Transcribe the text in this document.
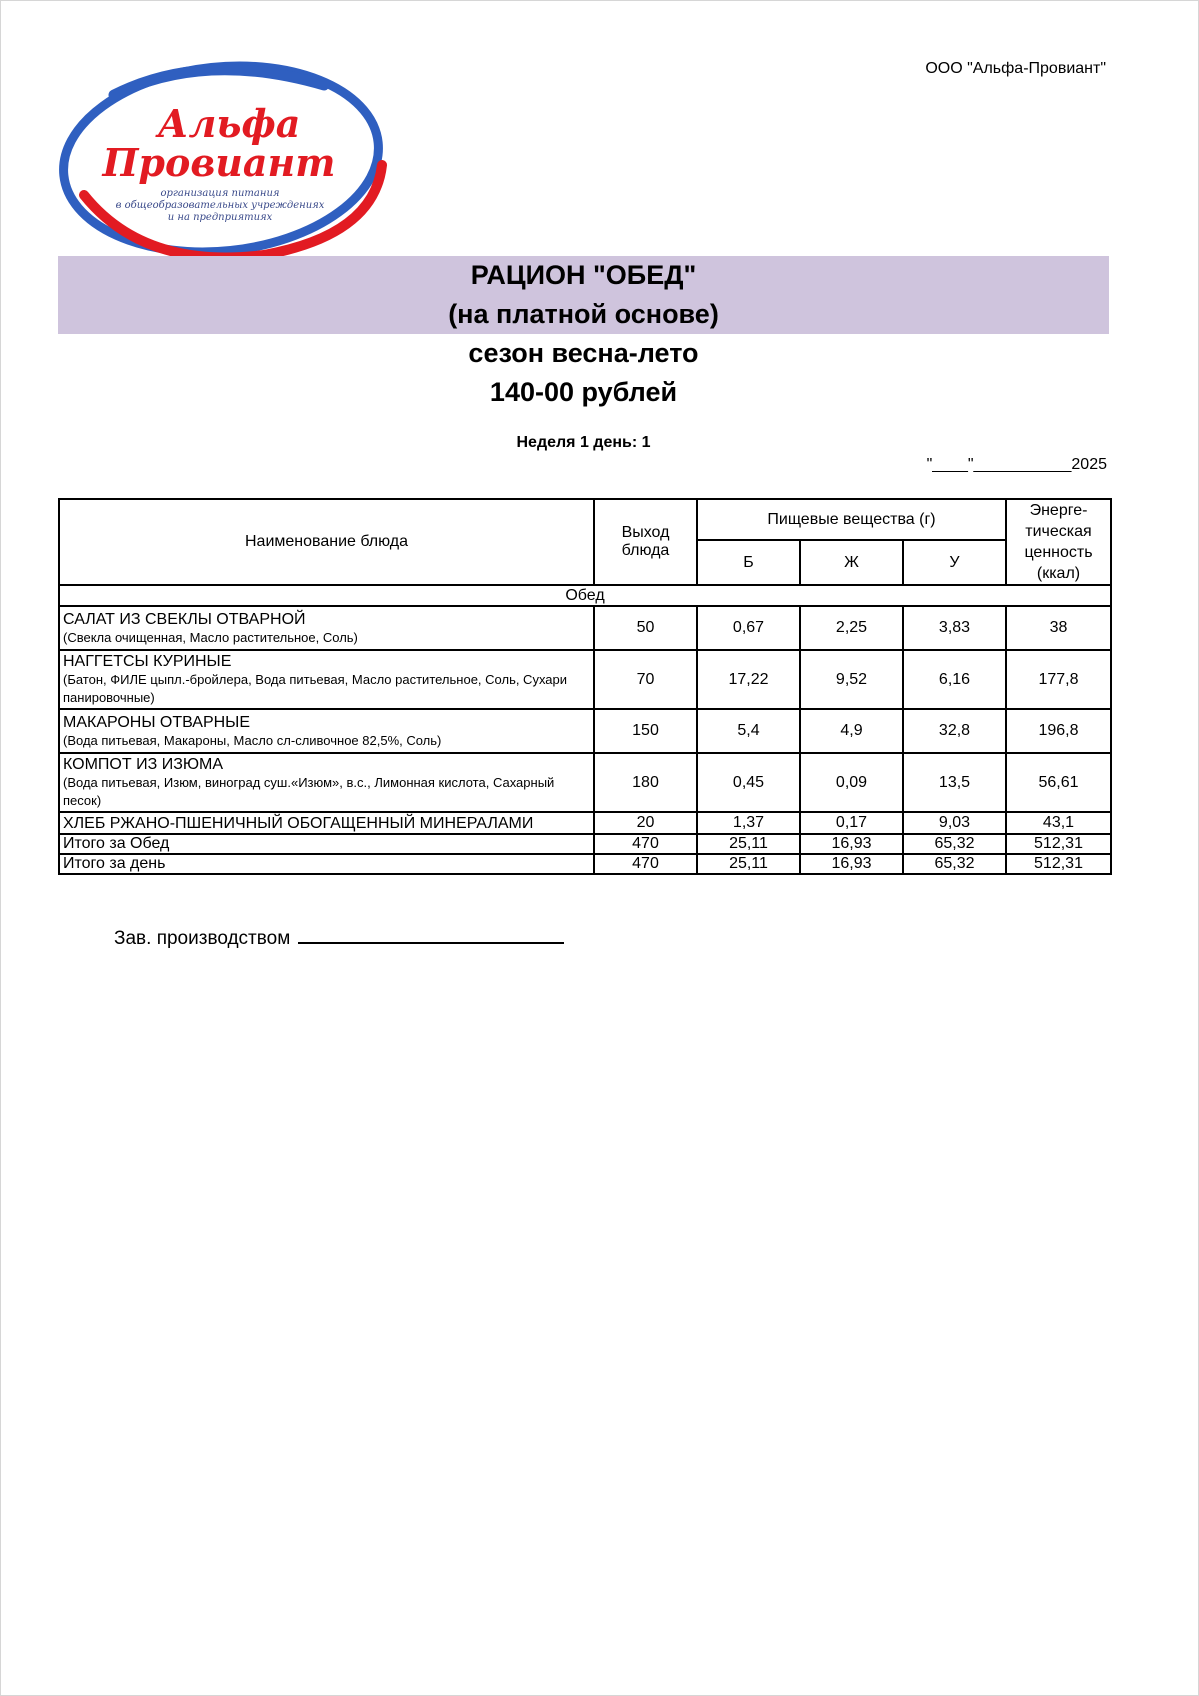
ООО "Альфа-Провиант"
Альфа
Провиант
организация питания
в общеобразовательных учреждениях
и на предприятиях
РАЦИОН "ОБЕД"
(на платной основе)
сезон весна-лето
140-00 рублей
Неделя 1 день: 1
"____"___________2025
Наименование блюда	Выход блюда	Пищевые вещества (г)			Энерге- тическая ценность (ккал)
		Б	Ж	У	
Обед					

САЛАТ ИЗ СВЕКЛЫ ОТВАРНОЙ
(Свекла очищенная, Масло растительное, Соль)	50	0,67	2,25	3,83	38

НАГГЕТСЫ КУРИНЫЕ
(Батон, ФИЛЕ цыпл.-бройлера, Вода питьевая, Масло растительное, Соль, Сухари панировочные)	70	17,22	9,52	6,16	177,8

МАКАРОНЫ ОТВАРНЫЕ
(Вода питьевая, Макароны, Масло сл-сливочное 82,5%, Соль)	150	5,4	4,9	32,8	196,8

КОМПОТ ИЗ ИЗЮМА
(Вода питьевая, Изюм, виноград суш.«Изюм», в.с., Лимонная кислота, Сахарный песок)	180	0,45	0,09	13,5	56,61

ХЛЕБ РЖАНО-ПШЕНИЧНЫЙ ОБОГАЩЕННЫЙ МИНЕРАЛАМИ	20	1,37	0,17	9,03	43,1
Итого за Обед	470	25,11	16,93	65,32	512,31
Итого за день	470	25,11	16,93	65,32	512,31
Зав. производством
